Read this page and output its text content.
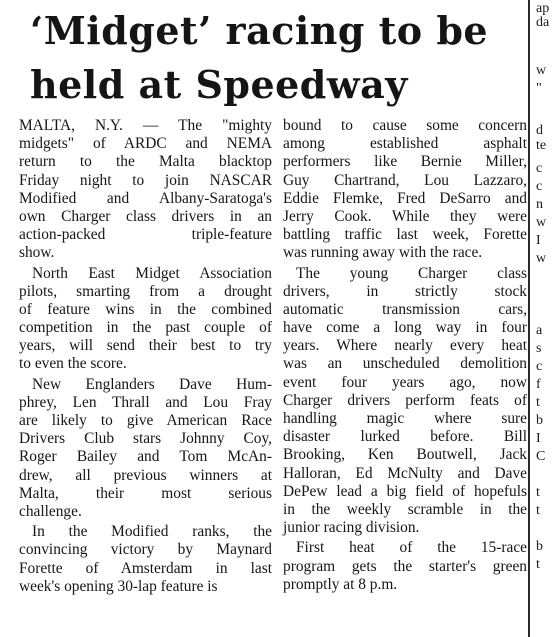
‘Midget’ racing to be
held at Speedway

MALTA, N.Y. — The "mighty
midgets" of ARDC and NEMA
return to the Malta blacktop
Friday night to join NASCAR
Modified and Albany-Saratoga's
own Charger class drivers in an
action-packed triple-feature
show.

North East Midget Association
pilots, smarting from a drought
of feature wins in the combined
competition in the past couple of
years, will send their best to try
to even the score.

New Englanders Dave Hum-
phrey, Len Thrall and Lou Fray
are likely to give American Race
Drivers Club stars Johnny Coy,
Roger Bailey and Tom McAn-
drew, all previous winners at
Malta, their most serious
challenge.

In the Modified ranks, the
convincing victory by Maynard
Forette of Amsterdam in last
week's opening 30-lap feature is

bound to cause some concern
among established asphalt
performers like Bernie Miller,
Guy Chartrand, Lou Lazzaro,
Eddie Flemke, Fred DeSarro and
Jerry Cook. While they were
battling traffic last week, Forette
was running away with the race.

The young Charger class
drivers, in strictly stock
automatic transmission cars,
have come a long way in four
years. Where nearly every heat
was an unscheduled demolition
event four years ago, now
Charger drivers perform feats of
handling magic where sure
disaster lurked before. Bill
Brooking, Ken Boutwell, Jack
Halloran, Ed McNulty and Dave
DePew lead a big field of hopefuls
in the weekly scramble in the
junior racing division.

First heat of the 15-race
program gets the starter's green
promptly at 8 p.m.

ap
da
w
"
d
te
c
c
n
w
I
w
a
s
c
f
t
b
I
C
t
t
b
t
